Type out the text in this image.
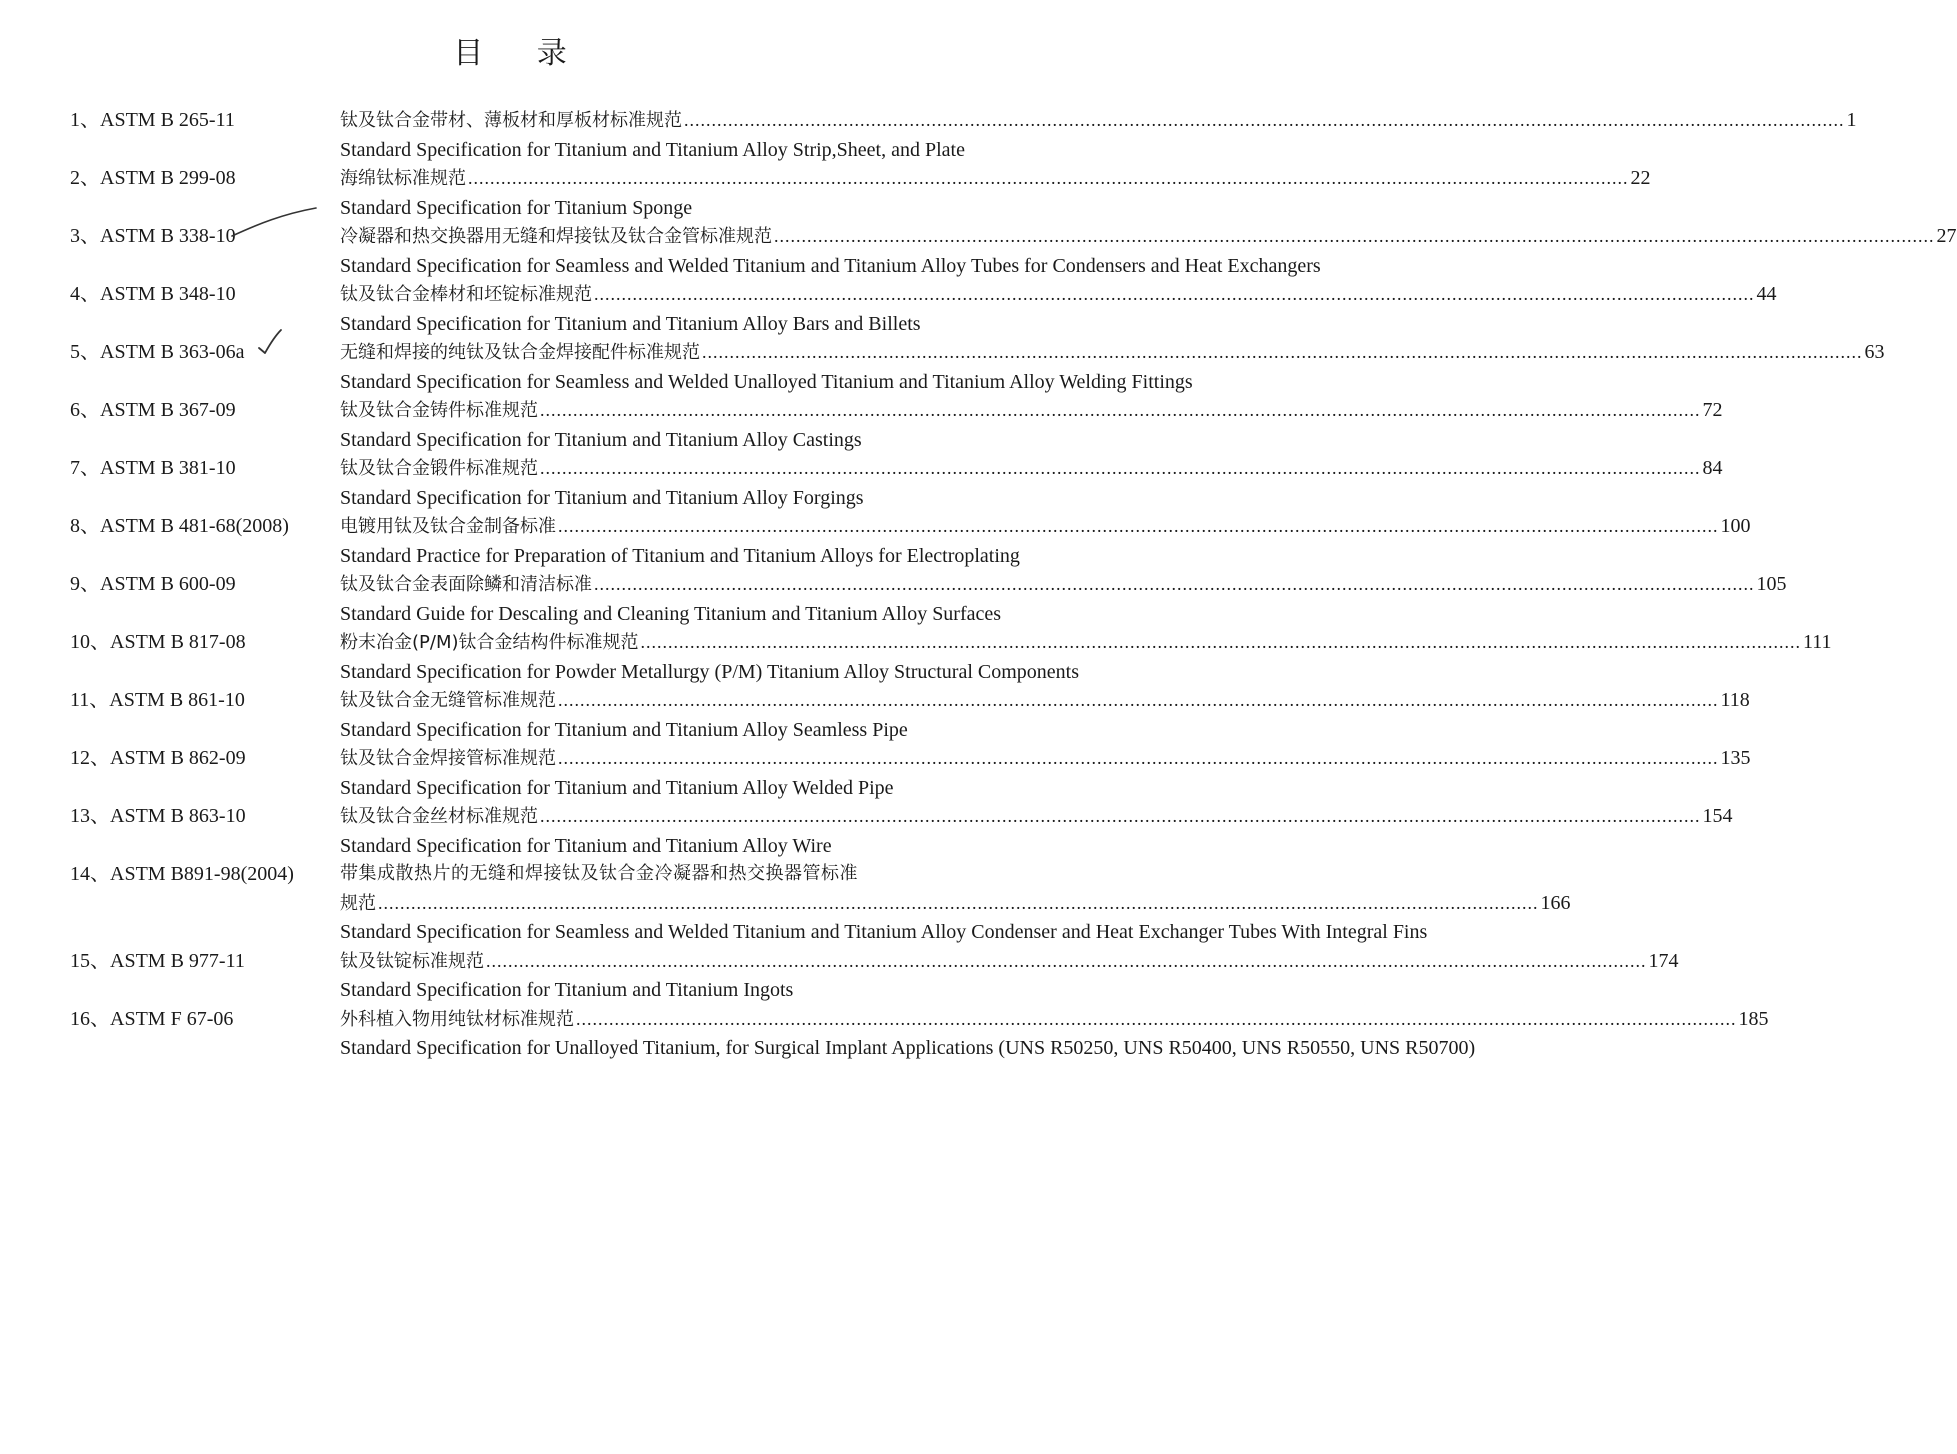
目 录
1、ASTM B 265-11	钛及钛合金带材、薄板材和厚板材标准规范 .....	1
Standard Specification for Titanium and Titanium Alloy Strip,Sheet, and Plate
2、ASTM B 299-08	海绵钛标准规范 .....	22
Standard Specification for Titanium Sponge
3、ASTM B 338-10	冷凝器和热交换器用无缝和焊接钛及钛合金管标准规范 .....	27
Standard Specification for Seamless and Welded Titanium and Titanium Alloy Tubes for Condensers and Heat Exchangers
4、ASTM B 348-10	钛及钛合金棒材和坯锭标准规范 .....	44
Standard Specification for Titanium and Titanium Alloy Bars and Billets
5、ASTM B 363-06a	无缝和焊接的纯钛及钛合金焊接配件标准规范 .....	63
Standard Specification for Seamless and Welded Unalloyed Titanium and Titanium Alloy Welding Fittings
6、ASTM B 367-09	钛及钛合金铸件标准规范 .....	72
Standard Specification for Titanium and Titanium Alloy Castings
7、ASTM B 381-10	钛及钛合金锻件标准规范 .....	84
Standard Specification for Titanium and Titanium Alloy Forgings
8、ASTM B 481-68(2008)	电镀用钛及钛合金制备标准 .....	100
Standard Practice for Preparation of Titanium and Titanium Alloys for Electroplating
9、ASTM B 600-09	钛及钛合金表面除鳞和清洁标准 .....	105
Standard Guide for Descaling and Cleaning Titanium and Titanium Alloy Surfaces
10、ASTM B 817-08	粉末冶金(P/M)钛合金结构件标准规范 .....	111
Standard Specification for Powder Metallurgy (P/M) Titanium Alloy Structural Components
11、ASTM B 861-10	钛及钛合金无缝管标准规范 .....	118
Standard Specification for Titanium and Titanium Alloy Seamless Pipe
12、ASTM B 862-09	钛及钛合金焊接管标准规范 .....	135
Standard Specification for Titanium and Titanium Alloy Welded Pipe
13、ASTM B 863-10	钛及钛合金丝材标准规范 .....	154
Standard Specification for Titanium and Titanium Alloy Wire
14、ASTM B891-98(2004)	带集成散热片的无缝和焊接钛及钛合金冷凝器和热交换器管标准
规范 .....	166
Standard Specification for Seamless and Welded Titanium and Titanium Alloy Condenser and Heat Exchanger Tubes With Integral Fins
15、ASTM B 977-11	钛及钛锭标准规范 .....	174
Standard Specification for Titanium and Titanium Ingots
16、ASTM F 67-06	外科植入物用纯钛材标准规范 .....	185
Standard Specification for Unalloyed Titanium, for Surgical Implant Applications (UNS R50250, UNS R50400, UNS R50550, UNS R50700)
